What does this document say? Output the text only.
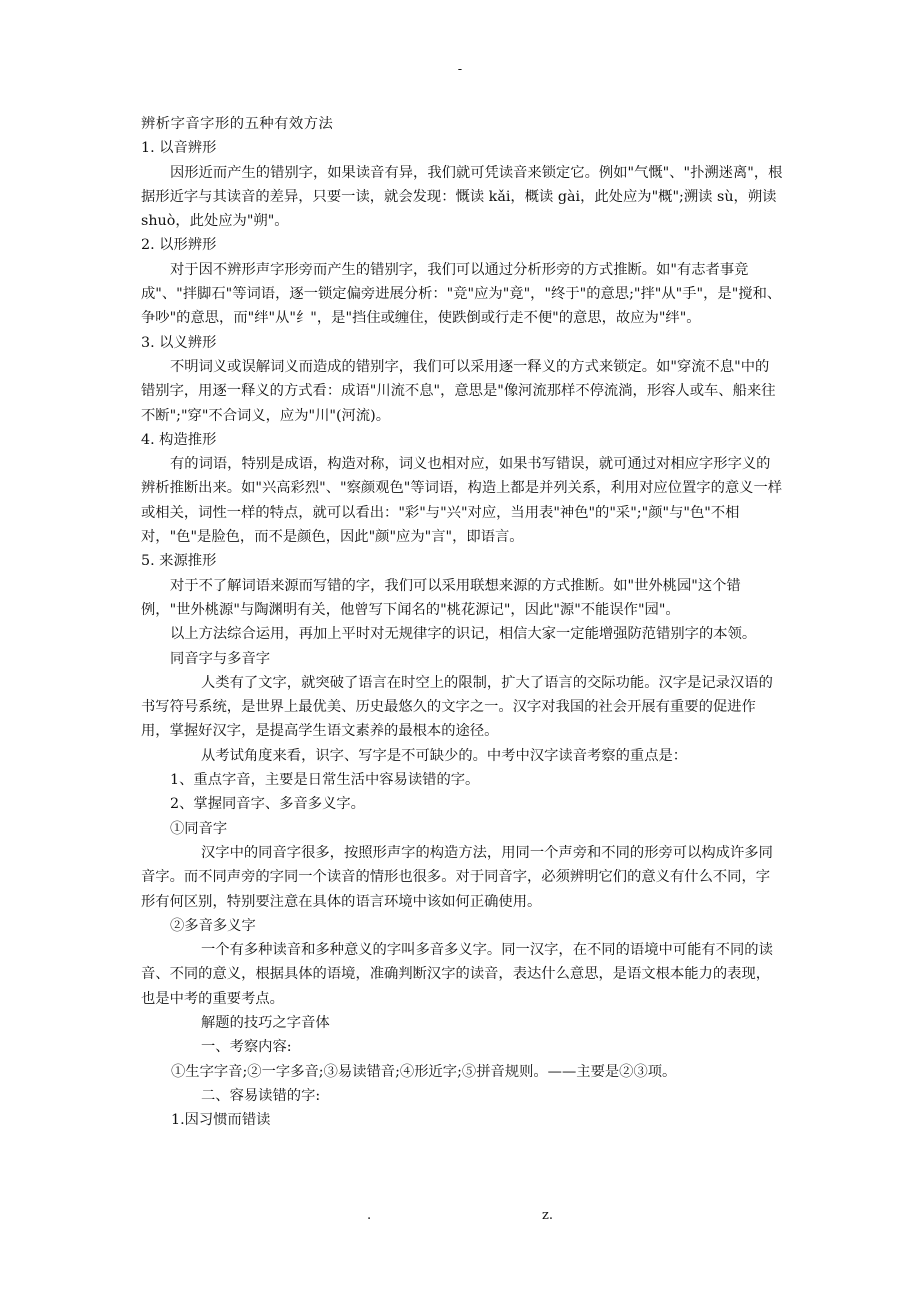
-

辨析字音字形的五种有效方法

1. 以音辨形

因形近而产生的错别字，如果读音有异，我们就可凭读音来锁定它。例如"气慨"、"扑溯迷离"，根据形近字与其读音的差异，只要一读，就会发现：慨读 kǎi，概读 gài，此处应为"概";溯读 sù，朔读 shuò，此处应为"朔"。

2. 以形辨形

对于因不辨形声字形旁而产生的错别字，我们可以通过分析形旁的方式推断。如"有志者事竞成"、"拌脚石"等词语，逐一锁定偏旁进展分析："竞"应为"竟"，"终于"的意思;"拌"从"手"，是"搅和、争吵"的意思，而"绊"从"纟"，是"挡住或缠住，使跌倒或行走不便"的意思，故应为"绊"。

3. 以义辨形

不明词义或误解词义而造成的错别字，我们可以采用逐一释义的方式来锁定。如"穿流不息"中的错别字，用逐一释义的方式看：成语"川流不息"，意思是"像河流那样不停流淌，形容人或车、船来往不断";"穿"不合词义，应为"川"(河流)。

4. 构造推形

有的词语，特别是成语，构造对称，词义也相对应，如果书写错误，就可通过对相应字形字义的辨析推断出来。如"兴高彩烈"、"察颜观色"等词语，构造上都是并列关系，利用对应位置字的意义一样或相关，词性一样的特点，就可以看出："彩"与"兴"对应，当用表"神色"的"采";"颜"与"色"不相对，"色"是脸色，而不是颜色，因此"颜"应为"言"，即语言。

5. 来源推形

对于不了解词语来源而写错的字，我们可以采用联想来源的方式推断。如"世外桃园"这个错例，"世外桃源"与陶渊明有关，他曾写下闻名的"桃花源记"，因此"源"不能误作"园"。

以上方法综合运用，再加上平时对无规律字的识记，相信大家一定能增强防范错别字的本领。

同音字与多音字

人类有了文字，就突破了语言在时空上的限制，扩大了语言的交际功能。汉字是记录汉语的书写符号系统，是世界上最优美、历史最悠久的文字之一。汉字对我国的社会开展有重要的促进作用，掌握好汉字，是提高学生语文素养的最根本的途径。

从考试角度来看，识字、写字是不可缺少的。中考中汉字读音考察的重点是：

1、重点字音，主要是日常生活中容易读错的字。

2、掌握同音字、多音多义字。

①同音字

汉字中的同音字很多，按照形声字的构造方法，用同一个声旁和不同的形旁可以构成许多同音字。而不同声旁的字同一个读音的情形也很多。对于同音字，必须辨明它们的意义有什么不同，字形有何区别，特别要注意在具体的语言环境中该如何正确使用。

②多音多义字

一个有多种读音和多种意义的字叫多音多义字。同一汉字，在不同的语境中可能有不同的读音、不同的意义，根据具体的语境，准确判断汉字的读音，表达什么意思，是语文根本能力的表现，也是中考的重要考点。

解题的技巧之字音体

一、考察内容:

①生字字音;②一字多音;③易读错音;④形近字;⑤拼音规则。——主要是②③项。

二、容易读错的字:

1.因习惯而错读

.	z.
